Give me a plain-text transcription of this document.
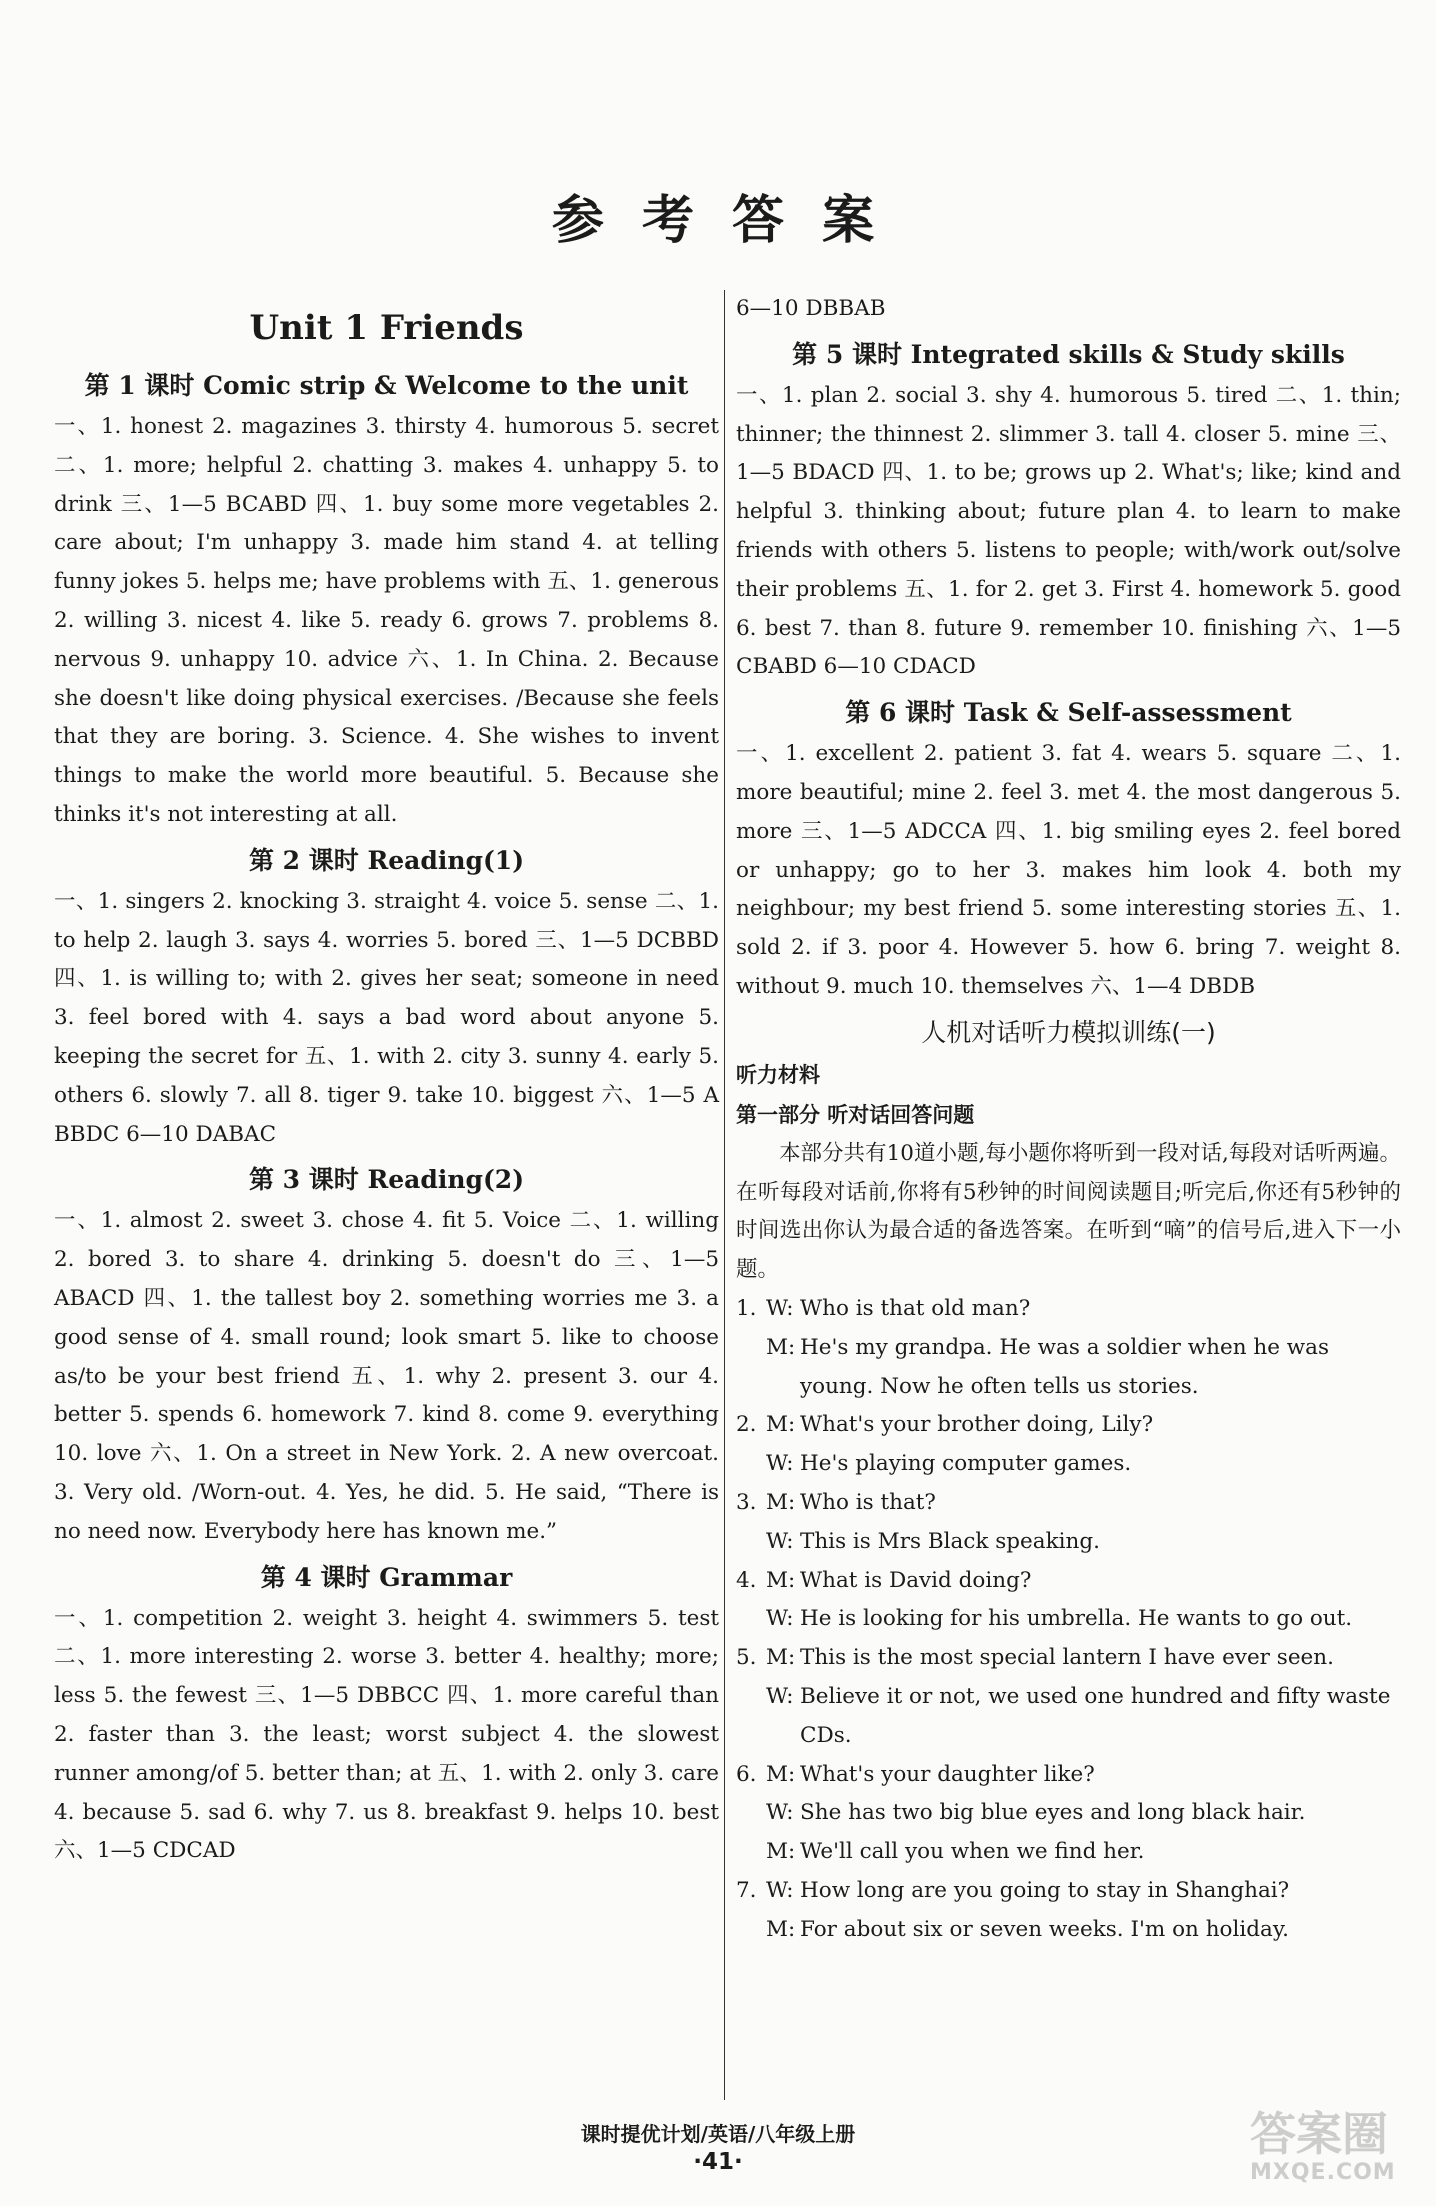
参 考 答 案
Unit 1 Friends
第 1 课时 Comic strip & Welcome to the unit
一、1. honest 2. magazines 3. thirsty 4. humorous 5. secret 二、1. more; helpful 2. chatting 3. makes 4. unhappy 5. to drink 三、1—5 BCABD 四、1. buy some more vegetables 2. care about; I'm unhappy 3. made him stand 4. at telling funny jokes 5. helps me; have problems with 五、1. generous 2. willing 3. nicest 4. like 5. ready 6. grows 7. problems 8. nervous 9. unhappy 10. advice 六、1. In China. 2. Because she doesn't like doing physical exercises. /Because she feels that they are boring. 3. Science. 4. She wishes to invent things to make the world more beautiful. 5. Because she thinks it's not interesting at all.
第 2 课时 Reading(1)
一、1. singers 2. knocking 3. straight 4. voice 5. sense 二、1. to help 2. laugh 3. says 4. worries 5. bored 三、1—5 DCBBD 四、1. is willing to; with 2. gives her seat; someone in need 3. feel bored with 4. says a bad word about anyone 5. keeping the secret for 五、1. with 2. city 3. sunny 4. early 5. others 6. slowly 7. all 8. tiger 9. take 10. biggest 六、1—5 A BBDC 6—10 DABAC
第 3 课时 Reading(2)
一、1. almost 2. sweet 3. chose 4. fit 5. Voice 二、1. willing 2. bored 3. to share 4. drinking 5. doesn't do 三、1—5 ABACD 四、1. the tallest boy 2. something worries me 3. a good sense of 4. small round; look smart 5. like to choose as/to be your best friend 五、1. why 2. present 3. our 4. better 5. spends 6. homework 7. kind 8. come 9. everything 10. love 六、1. On a street in New York. 2. A new overcoat. 3. Very old. /Worn-out. 4. Yes, he did. 5. He said, “There is no need now. Everybody here has known me.”
第 4 课时 Grammar
一、1. competition 2. weight 3. height 4. swimmers 5. test 二、1. more interesting 2. worse 3. better 4. healthy; more; less 5. the fewest 三、1—5 DBBCC 四、1. more careful than 2. faster than 3. the least; worst subject 4. the slowest runner among/of 5. better than; at 五、1. with 2. only 3. care 4. because 5. sad 6. why 7. us 8. breakfast 9. helps 10. best 六、1—5 CDCAD
6—10 DBBAB
第 5 课时 Integrated skills & Study skills
一、1. plan 2. social 3. shy 4. humorous 5. tired 二、1. thin; thinner; the thinnest 2. slimmer 3. tall 4. closer 5. mine 三、1—5 BDACD 四、1. to be; grows up 2. What's; like; kind and helpful 3. thinking about; future plan 4. to learn to make friends with others 5. listens to people; with/work out/solve their problems 五、1. for 2. get 3. First 4. homework 5. good 6. best 7. than 8. future 9. remember 10. finishing 六、1—5 CBABD 6—10 CDACD
第 6 课时 Task & Self-assessment
一、1. excellent 2. patient 3. fat 4. wears 5. square 二、1. more beautiful; mine 2. feel 3. met 4. the most dangerous 5. more 三、1—5 ADCCA 四、1. big smiling eyes 2. feel bored or unhappy; go to her 3. makes him look 4. both my neighbour; my best friend 5. some interesting stories 五、1. sold 2. if 3. poor 4. However 5. how 6. bring 7. weight 8. without 9. much 10. themselves 六、1—4 DBDB
人机对话听力模拟训练(一)
听力材料
第一部分 听对话回答问题
本部分共有10道小题,每小题你将听到一段对话,每段对话听两遍。在听每段对话前,你将有5秒钟的时间阅读题目;听完后,你还有5秒钟的时间选出你认为最合适的备选答案。在听到“嘀”的信号后,进入下一小题。
1. W: Who is that old man?
M: He's my grandpa. He was a soldier when he was young. Now he often tells us stories.
2. M: What's your brother doing, Lily?
W: He's playing computer games.
3. M: Who is that?
W: This is Mrs Black speaking.
4. M: What is David doing?
W: He is looking for his umbrella. He wants to go out.
5. M: This is the most special lantern I have ever seen.
W: Believe it or not, we used one hundred and fifty waste CDs.
6. M: What's your daughter like?
W: She has two big blue eyes and long black hair.
M: We'll call you when we find her.
7. W: How long are you going to stay in Shanghai?
M: For about six or seven weeks. I'm on holiday.
课时提优计划/英语/八年级上册
·41·
答案圈
MXQE.COM
